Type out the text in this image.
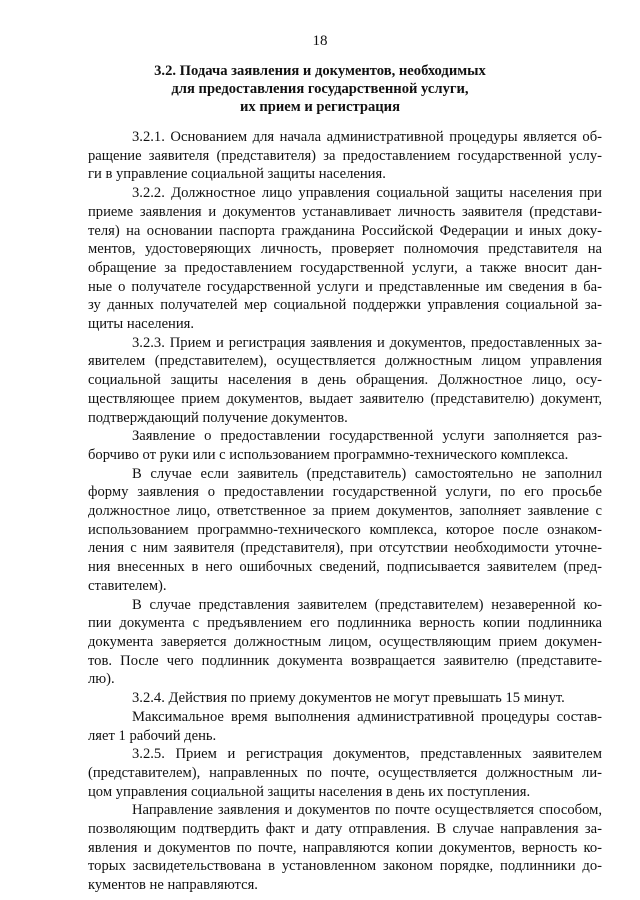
18
3.2. Подача заявления и документов, необходимых
для предоставления государственной услуги,
их прием и регистрация
3.2.1. Основанием для начала административной процедуры является об-
ращение заявителя (представителя) за предоставлением государственной услу-
ги в управление социальной защиты населения.
3.2.2. Должностное лицо управления социальной защиты населения при
приеме заявления и документов устанавливает личность заявителя (представи-
теля) на основании паспорта гражданина Российской Федерации и иных доку-
ментов, удостоверяющих личность, проверяет полномочия представителя на
обращение за предоставлением государственной услуги, а также вносит дан-
ные о получателе государственной услуги и представленные им сведения в ба-
зу данных получателей мер социальной поддержки управления социальной за-
щиты населения.
3.2.3. Прием и регистрация заявления и документов, предоставленных за-
явителем (представителем), осуществляется должностным лицом управления
социальной защиты населения в день обращения. Должностное лицо, осу-
ществляющее прием документов, выдает заявителю (представителю) документ,
подтверждающий получение документов.
Заявление о предоставлении государственной услуги заполняется раз-
борчиво от руки или с использованием программно-технического комплекса.
В случае если заявитель (представитель) самостоятельно не заполнил
форму заявления о предоставлении государственной услуги, по его просьбе
должностное лицо, ответственное за прием документов, заполняет заявление с
использованием программно-технического комплекса, которое после ознаком-
ления с ним заявителя (представителя), при отсутствии необходимости уточне-
ния внесенных в него ошибочных сведений, подписывается заявителем (пред-
ставителем).
В случае представления заявителем (представителем) незаверенной ко-
пии документа с предъявлением его подлинника верность копии подлинника
документа заверяется должностным лицом, осуществляющим прием докумен-
тов. После чего подлинник документа возвращается заявителю (представите-
лю).
3.2.4. Действия по приему документов не могут превышать 15 минут.
Максимальное время выполнения административной процедуры состав-
ляет 1 рабочий день.
3.2.5. Прием и регистрация документов, представленных заявителем
(представителем), направленных по почте, осуществляется должностным ли-
цом управления социальной защиты населения в день их поступления.
Направление заявления и документов по почте осуществляется способом,
позволяющим подтвердить факт и дату отправления. В случае направления за-
явления и документов по почте, направляются копии документов, верность ко-
торых засвидетельствована в установленном законом порядке, подлинники до-
кументов не направляются.
